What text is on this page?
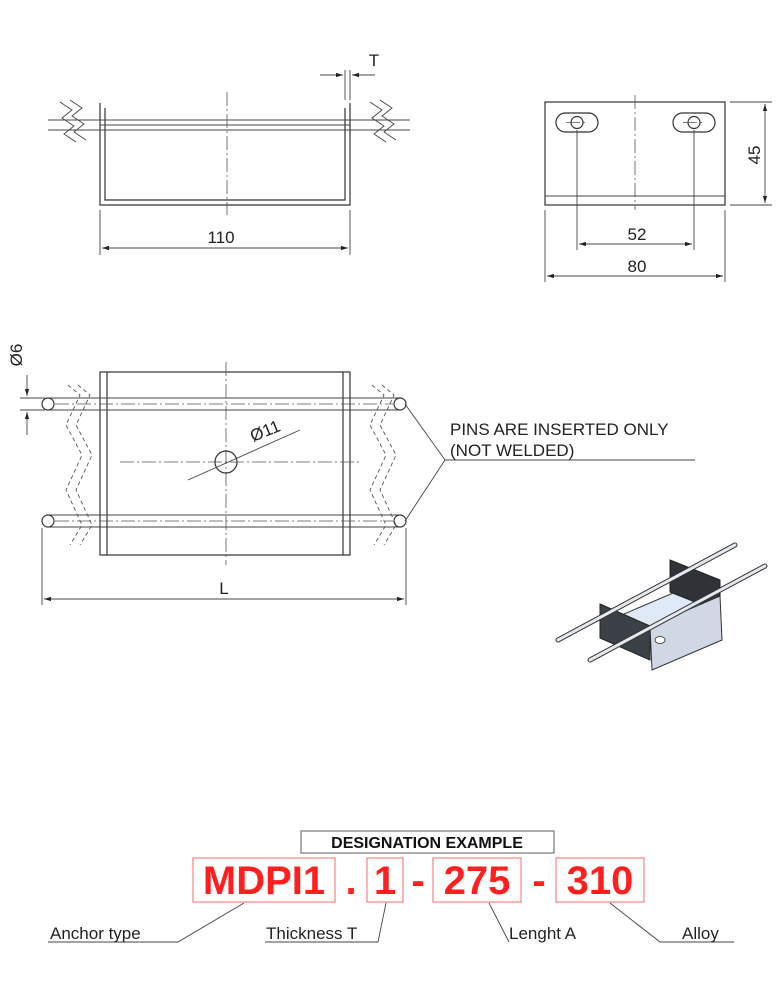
110
T
52
80
45
Ø6
Ø11
L
PINS ARE INSERTED ONLY
(NOT WELDED)
DESIGNATION EXAMPLE
MDPI1 . 1 - 275 - 310
Anchor type	Thickness T	Lenght A	Alloy
